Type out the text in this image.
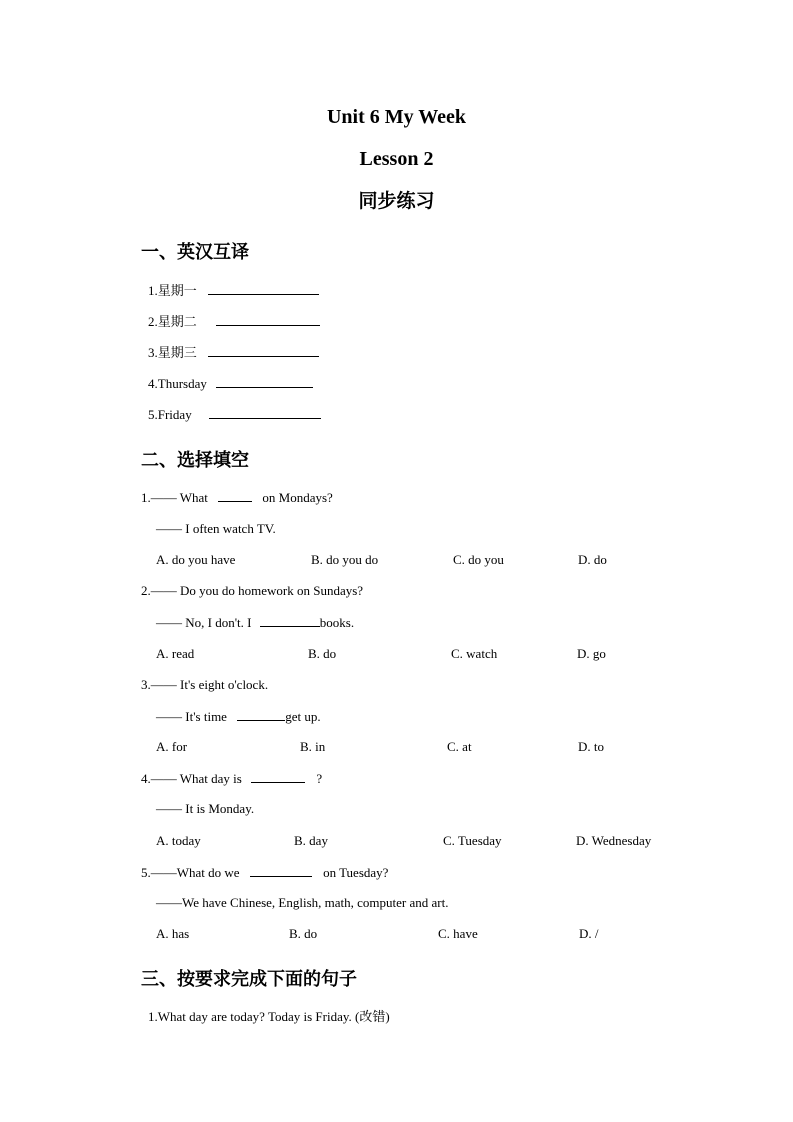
Unit 6 My Week
Lesson 2
同步练习
一、英汉互译
1.星期一
2.星期二
3.星期三
4.Thursday
5.Friday
二、选择填空
1.—— What	on Mondays?
—— I often watch TV.
A. do you have	B. do you do	C. do you	D. do
2.—— Do you do homework on Sundays?
—— No, I don't. I	books.
A. read	B. do	C. watch	D. go
3.—— It's eight o'clock.
—— It's time	get up.
A. for	B. in	C. at	D. to
4.—— What day is	?
—— It is Monday.
A. today	B. day	C. Tuesday	D. Wednesday
5.——What do we	on Tuesday?
——We have Chinese, English, math, computer and art.
A. has	B. do	C. have	D. /
三、按要求完成下面的句子
1.What day are today? Today is Friday. (改错)
